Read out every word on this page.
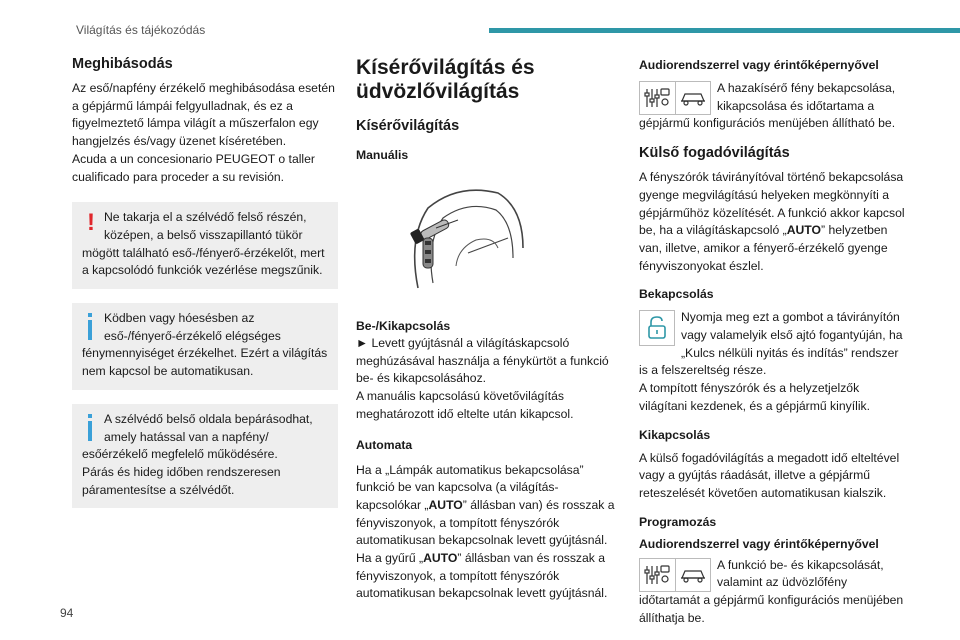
Világítás és tájékozódás
Meghibásodás
Az eső/napfény érzékelő meghibásodása esetén a gépjármű lámpái felgyulladnak, és ez a figyelmeztető lámpa világít a műszerfalon egy hangjelzés és/vagy üzenet kíséretében.
Acuda a un concesionario PEUGEOT o taller cualificado para proceder a su revisión.
! Ne takarja el a szélvédő felső részén, középen, a belső visszapillantó tükör mögött található eső-/fényerő-érzékelőt, mert a kapcsolódó funkciók vezérlése megszűnik.
Ködben vagy hóesésben az eső-/fényerő-érzékelő elégséges fénymennyiséget érzékelhet. Ezért a világítás nem kapcsol be automatikusan.
A szélvédő belső oldala bepárásodhat, amely hatással van a napfény/ esőérzékelő megfelelő működésére.
Párás és hideg időben rendszeresen páramentesítse a szélvédőt.
Kísérővilágítás és üdvözlővilágítás
Kísérővilágítás
Manuális
Be-/Kikapcsolás
► Levett gyújtásnál a világításkapcsoló meghúzásával használja a fénykürtöt a funkció be- és kikapcsolásához.
A manuális kapcsolású követővilágítás meghatározott idő eltelte után kikapcsol.
Automata
Ha a „Lámpák automatikus bekapcsolása” funkció be van kapcsolva (a világítás-kapcsolókar „AUTO” állásban van) és rosszak a fényviszonyok, a tompított fényszórók automatikusan bekapcsolnak levett gyújtásnál.
Ha a gyűrű „AUTO” állásban van és rosszak a fényviszonyok, a tompított fényszórók automatikusan bekapcsolnak levett gyújtásnál.
Audiorendszerrel vagy érintőképernyővel
A hazakísérő fény bekapcsolása, kikapcsolása és időtartama a gépjármű konfigurációs menüjében állítható be.
Külső fogadóvilágítás
A fényszórók távirányítóval történő bekapcsolása gyenge megvilágítású helyeken megkönnyíti a gépjárműhöz közelítését. A funkció akkor kapcsol be, ha a világításkapcsoló „AUTO” helyzetben van, illetve, amikor a fényerő-érzékelő gyenge fényviszonyokat észlel.
Bekapcsolás
Nyomja meg ezt a gombot a távirányítón vagy valamelyik első ajtó fogantyúján, ha „Kulcs nélküli nyitás és indítás” rendszer is a felszereltség része.
A tompított fényszórók és a helyzetjelzők világítani kezdenek, és a gépjármű kinyílik.
Kikapcsolás
A külső fogadóvilágítás a megadott idő elteltével vagy a gyújtás ráadását, illetve a gépjármű reteszelését követően automatikusan kialszik.
Programozás
Audiorendszerrel vagy érintőképernyővel
A funkció be- és kikapcsolását, valamint az üdvözlőfény időtartamát a gépjármű konfigurációs menüjében állíthatja be.
94
